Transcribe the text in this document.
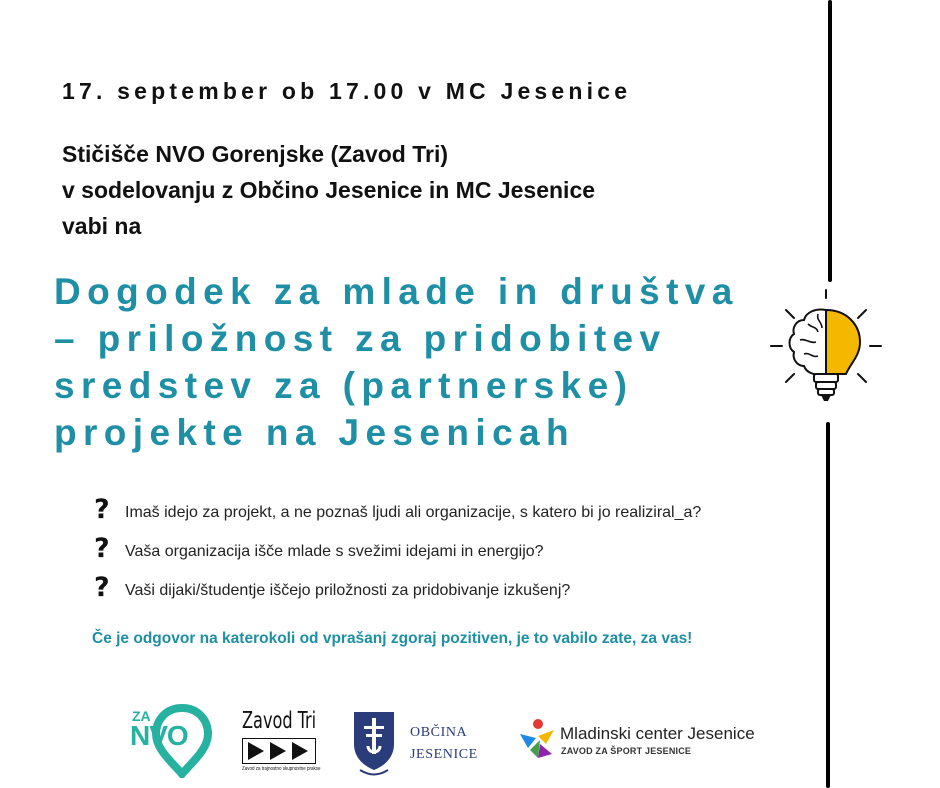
17. september ob 17.00 v MC Jesenice
Stičišče NVO Gorenjske (Zavod Tri)
v sodelovanju z Občino Jesenice in MC Jesenice
vabi na
Dogodek za mlade in društva
– priložnost za pridobitev
sredstev za (partnerske)
projekte na Jesenicah
? Imaš idejo za projekt, a ne poznaš ljudi ali organizacije, s katero bi jo realiziral_a?
? Vaša organizacija išče mlade s svežimi idejami in energijo?
? Vaši dijaki/študentje iščejo priložnosti za pridobivanje izkušenj?
Če je odgovor na katerokoli od vprašanj zgoraj pozitiven, je to vabilo zate, za vas!
ZA
NVO Zavod Tri
Zavod za trajnostno skupnostne prakse
OBČINA
JESENICE
Mladinski center Jesenice
ZAVOD ZA ŠPORT JESENICE
